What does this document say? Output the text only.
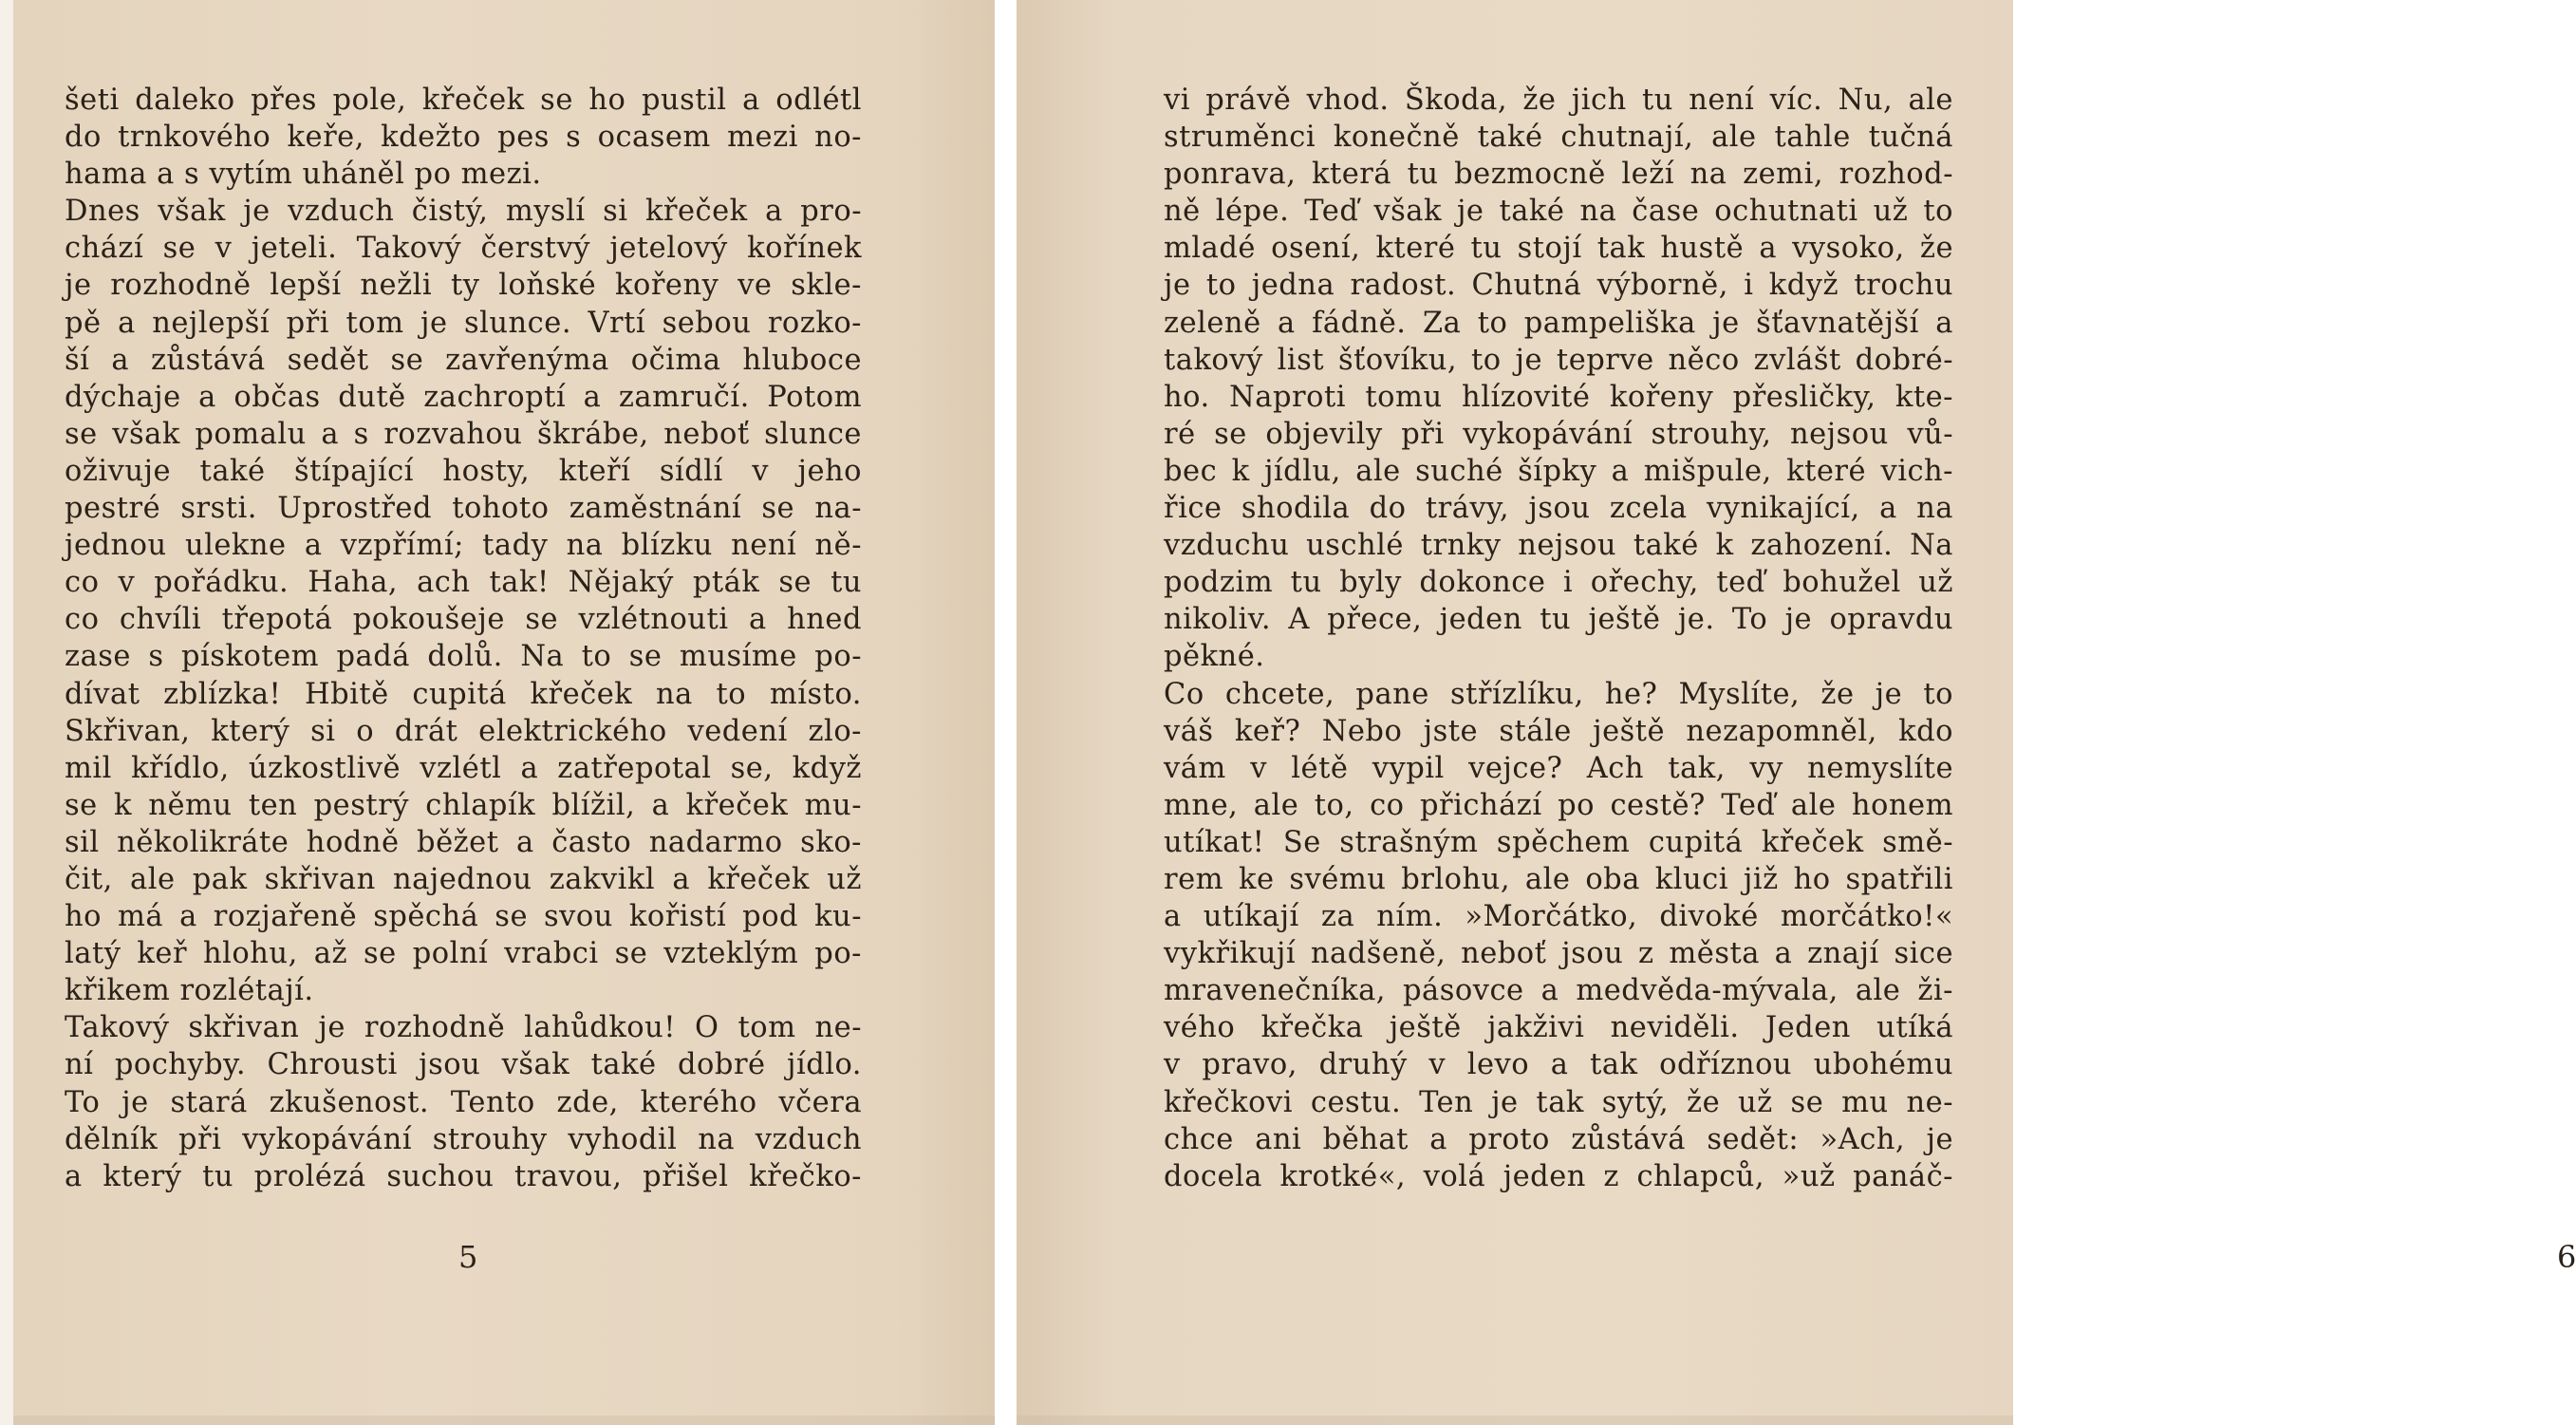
šeti daleko přes pole, křeček se ho pustil a odlétl
do trnkového keře, kdežto pes s ocasem mezi no-
hama a s vytím uháněl po mezi.
Dnes však je vzduch čistý, myslí si křeček a pro-
chází se v jeteli. Takový čerstvý jetelový kořínek
je rozhodně lepší nežli ty loňské kořeny ve skle-
pě a nejlepší při tom je slunce. Vrtí sebou rozko-
ší a zůstává sedět se zavřenýma očima hluboce
dýchaje a občas dutě zachroptí a zamručí. Potom
se však pomalu a s rozvahou škrábe, neboť slunce
oživuje také štípající hosty, kteří sídlí v jeho
pestré srsti. Uprostřed tohoto zaměstnání se na-
jednou ulekne a vzpřímí; tady na blízku není ně-
co v pořádku. Haha, ach tak! Nějaký pták se tu
co chvíli třepotá pokoušeje se vzlétnouti a hned
zase s pískotem padá dolů. Na to se musíme po-
dívat zblízka! Hbitě cupitá křeček na to místo.
Skřivan, který si o drát elektrického vedení zlo-
mil křídlo, úzkostlivě vzlétl a zatřepotal se, když
se k němu ten pestrý chlapík blížil, a křeček mu-
sil několikráte hodně běžet a často nadarmo sko-
čit, ale pak skřivan najednou zakvikl a křeček už
ho má a rozjařeně spěchá se svou kořistí pod ku-
latý keř hlohu, až se polní vrabci se vzteklým po-
křikem rozlétají.
Takový skřivan je rozhodně lahůdkou! O tom ne-
ní pochyby. Chrousti jsou však také dobré jídlo.
To je stará zkušenost. Tento zde, kterého včera
dělník při vykopávání strouhy vyhodil na vzduch
a který tu prolézá suchou travou, přišel křečko-
5
vi právě vhod. Škoda, že jich tu není víc. Nu, ale
struměnci konečně také chutnají, ale tahle tučná
ponrava, která tu bezmocně leží na zemi, rozhod-
ně lépe. Teď však je také na čase ochutnati už to
mladé osení, které tu stojí tak hustě a vysoko, že
je to jedna radost. Chutná výborně, i když trochu
zeleně a fádně. Za to pampeliška je šťavnatější a
takový list šťovíku, to je teprve něco zvlášt dobré-
ho. Naproti tomu hlízovité kořeny přesličky, kte-
ré se objevily při vykopávání strouhy, nejsou vů-
bec k jídlu, ale suché šípky a mišpule, které vich-
řice shodila do trávy, jsou zcela vynikající, a na
vzduchu uschlé trnky nejsou také k zahození. Na
podzim tu byly dokonce i ořechy, teď bohužel už
nikoliv. A přece, jeden tu ještě je. To je opravdu
pěkné.
Co chcete, pane střízlíku, he? Myslíte, že je to
váš keř? Nebo jste stále ještě nezapomněl, kdo
vám v létě vypil vejce? Ach tak, vy nemyslíte
mne, ale to, co přichází po cestě? Teď ale honem
utíkat! Se strašným spěchem cupitá křeček smě-
rem ke svému brlohu, ale oba kluci již ho spatřili
a utíkají za ním. »Morčátko, divoké morčátko!«
vykřikují nadšeně, neboť jsou z města a znají sice
mravenečníka, pásovce a medvěda-mývala, ale ži-
vého křečka ještě jakživi neviděli. Jeden utíká
v pravo, druhý v levo a tak odříznou ubohému
křečkovi cestu. Ten je tak sytý, že už se mu ne-
chce ani běhat a proto zůstává sedět: »Ach, je
docela krotké«, volá jeden z chlapců, »už panáč-
6
